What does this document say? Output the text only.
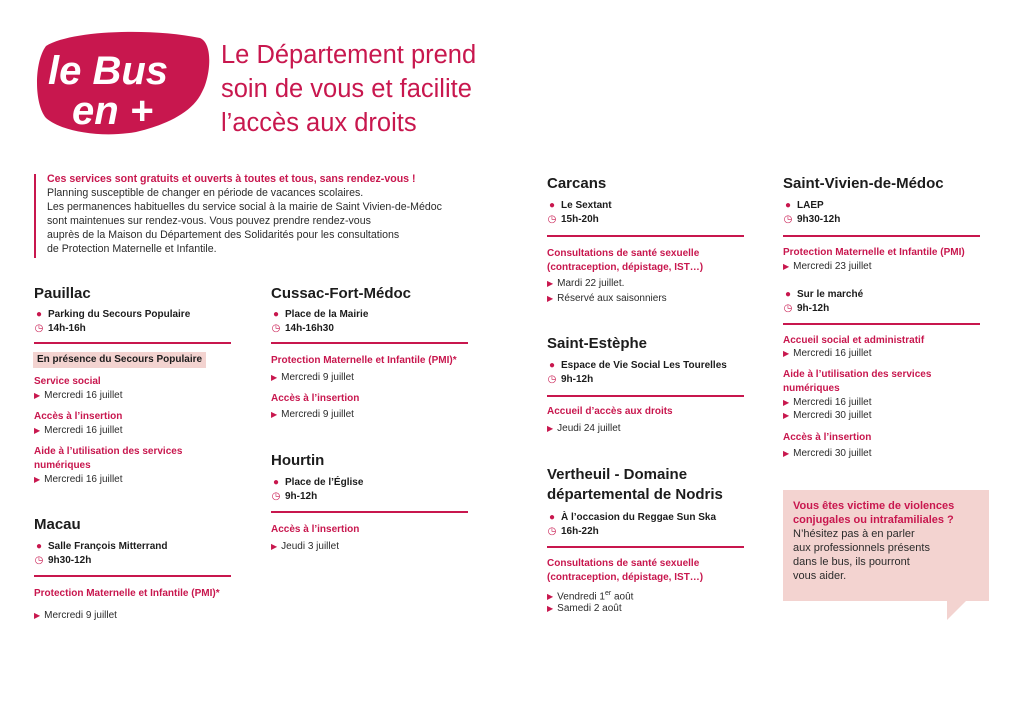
le Bus
en +
Le Département prend
soin de vous et facilite
l’accès aux droits
Ces services sont gratuits et ouverts à toutes et tous, sans rendez-vous !
Planning susceptible de changer en période de vacances scolaires.
Les permanences habituelles du service social à la mairie de Saint Vivien-de-Médoc
sont maintenues sur rendez-vous. Vous pouvez prendre rendez-vous
auprès de la Maison du Département des Solidarités pour les consultations
de Protection Maternelle et Infantile.
Pauillac
● Parking du Secours Populaire
◷ 14h-16h
En présence du Secours Populaire
Service social
▶ Mercredi 16 juillet
Accès à l’insertion
▶ Mercredi 16 juillet
Aide à l’utilisation des services
numériques
▶ Mercredi 16 juillet
Macau
● Salle François Mitterrand
◷ 9h30-12h
Protection Maternelle et Infantile (PMI)*
▶ Mercredi 9 juillet
Cussac-Fort-Médoc
● Place de la Mairie
◷ 14h-16h30
Protection Maternelle et Infantile (PMI)*
▶ Mercredi 9 juillet
Accès à l’insertion
▶ Mercredi 9 juillet
Hourtin
● Place de l’Église
◷ 9h-12h
Accès à l’insertion
▶ Jeudi 3 juillet
Carcans
● Le Sextant
◷ 15h-20h
Consultations de santé sexuelle
(contraception, dépistage, IST…)
▶ Mardi 22 juillet.
▶ Réservé aux saisonniers
Saint-Estèphe
● Espace de Vie Social Les Tourelles
◷ 9h-12h
Accueil d’accès aux droits
▶ Jeudi 24 juillet
Vertheuil - Domaine
départemental de Nodris
● À l’occasion du Reggae Sun Ska
◷ 16h-22h
Consultations de santé sexuelle
(contraception, dépistage, IST…)
▶ Vendredi 1er août
▶ Samedi 2 août
Saint-Vivien-de-Médoc
● LAEP
◷ 9h30-12h
Protection Maternelle et Infantile (PMI)
▶ Mercredi 23 juillet
● Sur le marché
◷ 9h-12h
Accueil social et administratif
▶ Mercredi 16 juillet
Aide à l’utilisation des services
numériques
▶ Mercredi 16 juillet
▶ Mercredi 30 juillet
Accès à l’insertion
▶ Mercredi 30 juillet
Vous êtes victime de violences
conjugales ou intrafamiliales ?
N’hésitez pas à en parler
aux professionnels présents
dans le bus, ils pourront
vous aider.
